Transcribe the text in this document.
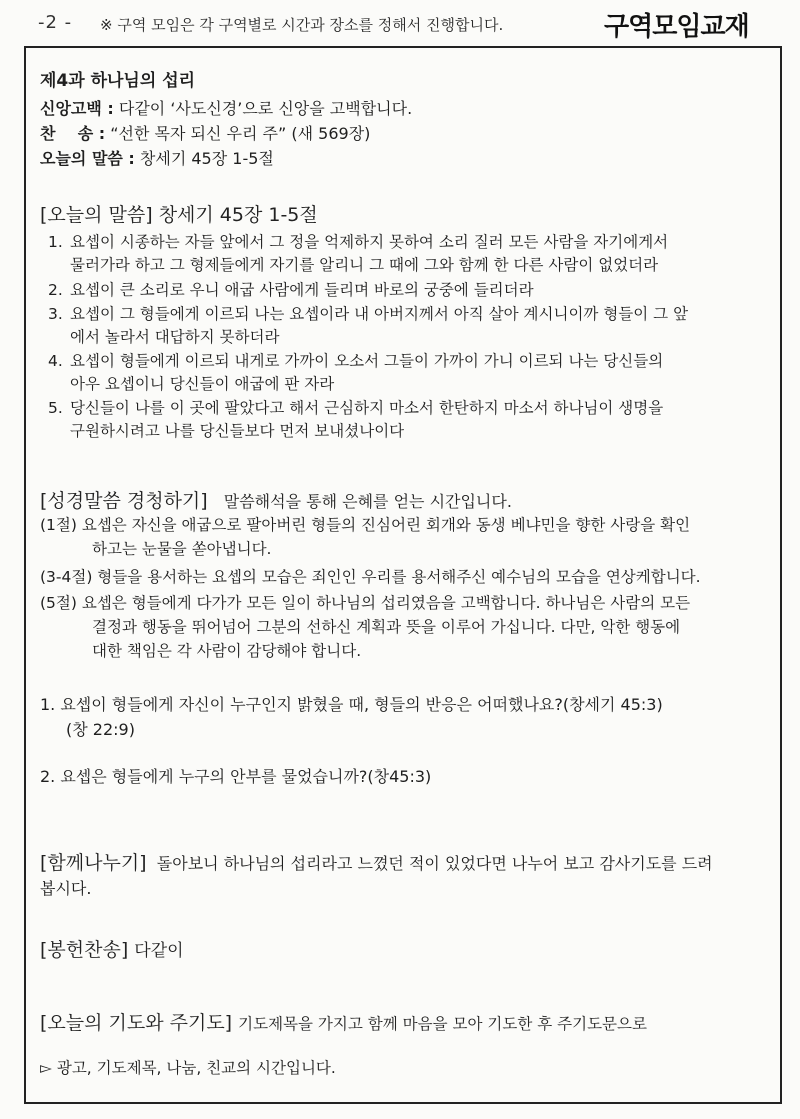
-2 - ※ 구역 모임은 각 구역별로 시간과 장소를 정해서 진행합니다.	구역모임교재
제4과 하나님의 섭리
신앙고백 : 다같이 ‘사도신경’으로 신앙을 고백합니다.
찬    송 : “선한 목자 되신 우리 주” (새 569장)
오늘의 말씀 : 창세기 45장 1-5절
[오늘의 말씀] 창세기 45장 1-5절
1. 요셉이 시종하는 자들 앞에서 그 정을 억제하지 못하여 소리 질러 모든 사람을 자기에게서
물러가라 하고 그 형제들에게 자기를 알리니 그 때에 그와 함께 한 다른 사람이 없었더라
2. 요셉이 큰 소리로 우니 애굽 사람에게 들리며 바로의 궁중에 들리더라
3. 요셉이 그 형들에게 이르되 나는 요셉이라 내 아버지께서 아직 살아 계시니이까 형들이 그 앞
에서 놀라서 대답하지 못하더라
4. 요셉이 형들에게 이르되 내게로 가까이 오소서 그들이 가까이 가니 이르되 나는 당신들의
아우 요셉이니 당신들이 애굽에 판 자라
5. 당신들이 나를 이 곳에 팔았다고 해서 근심하지 마소서 한탄하지 마소서 하나님이 생명을
구원하시려고 나를 당신들보다 먼저 보내셨나이다
[성경말씀 경청하기] 말씀해석을 통해 은혜를 얻는 시간입니다.
(1절) 요셉은 자신을 애굽으로 팔아버린 형들의 진심어린 회개와 동생 베냐민을 향한 사랑을 확인
하고는 눈물을 쏟아냅니다.
(3-4절) 형들을 용서하는 요셉의 모습은 죄인인 우리를 용서해주신 예수님의 모습을 연상케합니다.
(5절) 요셉은 형들에게 다가가 모든 일이 하나님의 섭리였음을 고백합니다. 하나님은 사람의 모든
결정과 행동을 뛰어넘어 그분의 선하신 계획과 뜻을 이루어 가십니다. 다만, 악한 행동에
대한 책임은 각 사람이 감당해야 합니다.
1. 요셉이 형들에게 자신이 누구인지 밝혔을 때, 형들의 반응은 어떠했나요?(창세기 45:3)
(창 22:9)
2. 요셉은 형들에게 누구의 안부를 물었습니까?(창45:3)
[함께나누기] 돌아보니 하나님의 섭리라고 느꼈던 적이 있었다면 나누어 보고 감사기도를 드려
봅시다.
[봉헌찬송] 다같이
[오늘의 기도와 주기도] 기도제목을 가지고 함께 마음을 모아 기도한 후 주기도문으로
▻ 광고, 기도제목, 나눔, 친교의 시간입니다.
